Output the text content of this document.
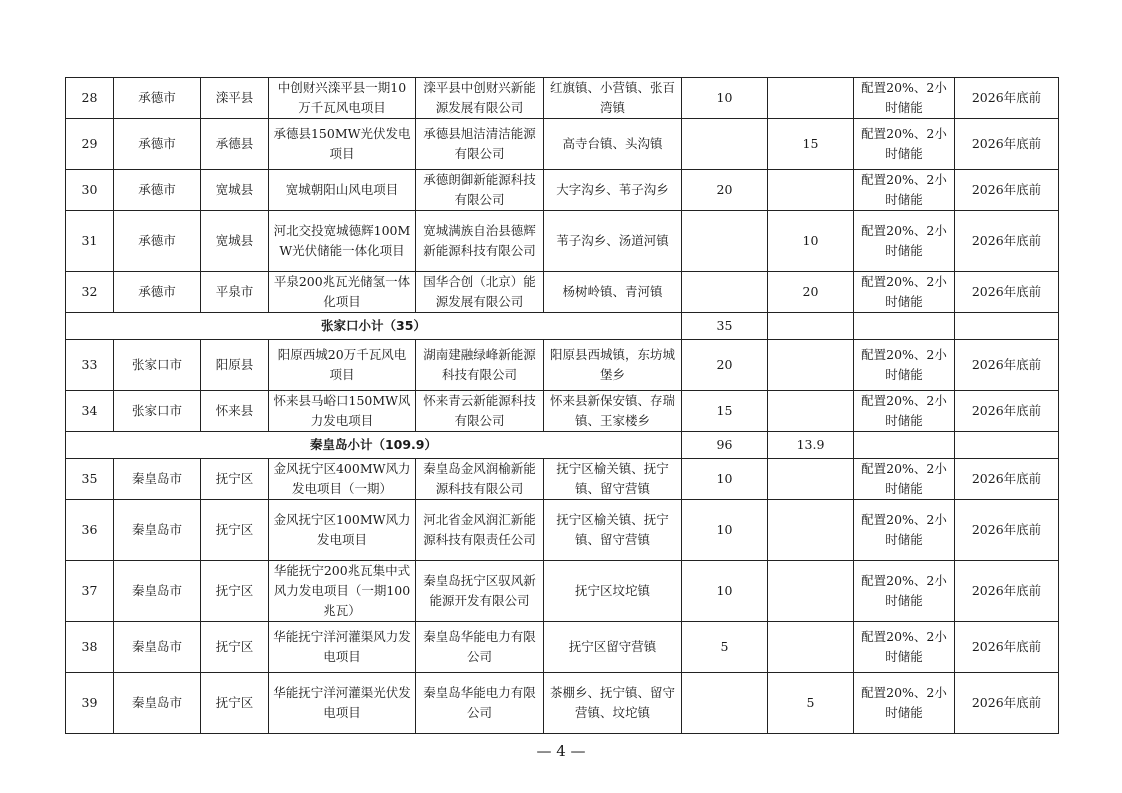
28	承德市	滦平县	中创财兴滦平县一期10万千瓦风电项目	滦平县中创财兴新能源发展有限公司	红旗镇、小营镇、张百湾镇	10		配置20%、2小时储能	2026年底前
29	承德市	承德县	承德县150MW光伏发电项目	承德县旭洁清洁能源有限公司	高寺台镇、头沟镇		15	配置20%、2小时储能	2026年底前
30	承德市	宽城县	宽城朝阳山风电项目	承德朗御新能源科技有限公司	大字沟乡、苇子沟乡	20		配置20%、2小时储能	2026年底前
31	承德市	宽城县	河北交投宽城德辉100MW光伏储能一体化项目	宽城满族自治县德辉新能源科技有限公司	苇子沟乡、汤道河镇		10	配置20%、2小时储能	2026年底前
32	承德市	平泉市	平泉200兆瓦光储氢一体化项目	国华合创（北京）能源发展有限公司	杨树岭镇、青河镇		20	配置20%、2小时储能	2026年底前
张家口小计（35）						35			
33	张家口市	阳原县	阳原西城20万千瓦风电项目	湖南建融绿峰新能源科技有限公司	阳原县西城镇，东坊城堡乡	20		配置20%、2小时储能	2026年底前
34	张家口市	怀来县	怀来县马峪口150MW风力发电项目	怀来青云新能源科技有限公司	怀来县新保安镇、存瑞镇、王家楼乡	15		配置20%、2小时储能	2026年底前
秦皇岛小计（109.9）						96	13.9		
35	秦皇岛市	抚宁区	金风抚宁区400MW风力发电项目（一期）	秦皇岛金风润榆新能源科技有限公司	抚宁区榆关镇、抚宁镇、留守营镇	10		配置20%、2小时储能	2026年底前
36	秦皇岛市	抚宁区	金风抚宁区100MW风力发电项目	河北省金风润汇新能源科技有限责任公司	抚宁区榆关镇、抚宁镇、留守营镇	10		配置20%、2小时储能	2026年底前
37	秦皇岛市	抚宁区	华能抚宁200兆瓦集中式风力发电项目（一期100兆瓦）	秦皇岛抚宁区驭风新能源开发有限公司	抚宁区坟坨镇	10		配置20%、2小时储能	2026年底前
38	秦皇岛市	抚宁区	华能抚宁洋河灌渠风力发电项目	秦皇岛华能电力有限公司	抚宁区留守营镇	5		配置20%、2小时储能	2026年底前
39	秦皇岛市	抚宁区	华能抚宁洋河灌渠光伏发电项目	秦皇岛华能电力有限公司	茶棚乡、抚宁镇、留守营镇、坟坨镇		5	配置20%、2小时储能	2026年底前
— 4 —
